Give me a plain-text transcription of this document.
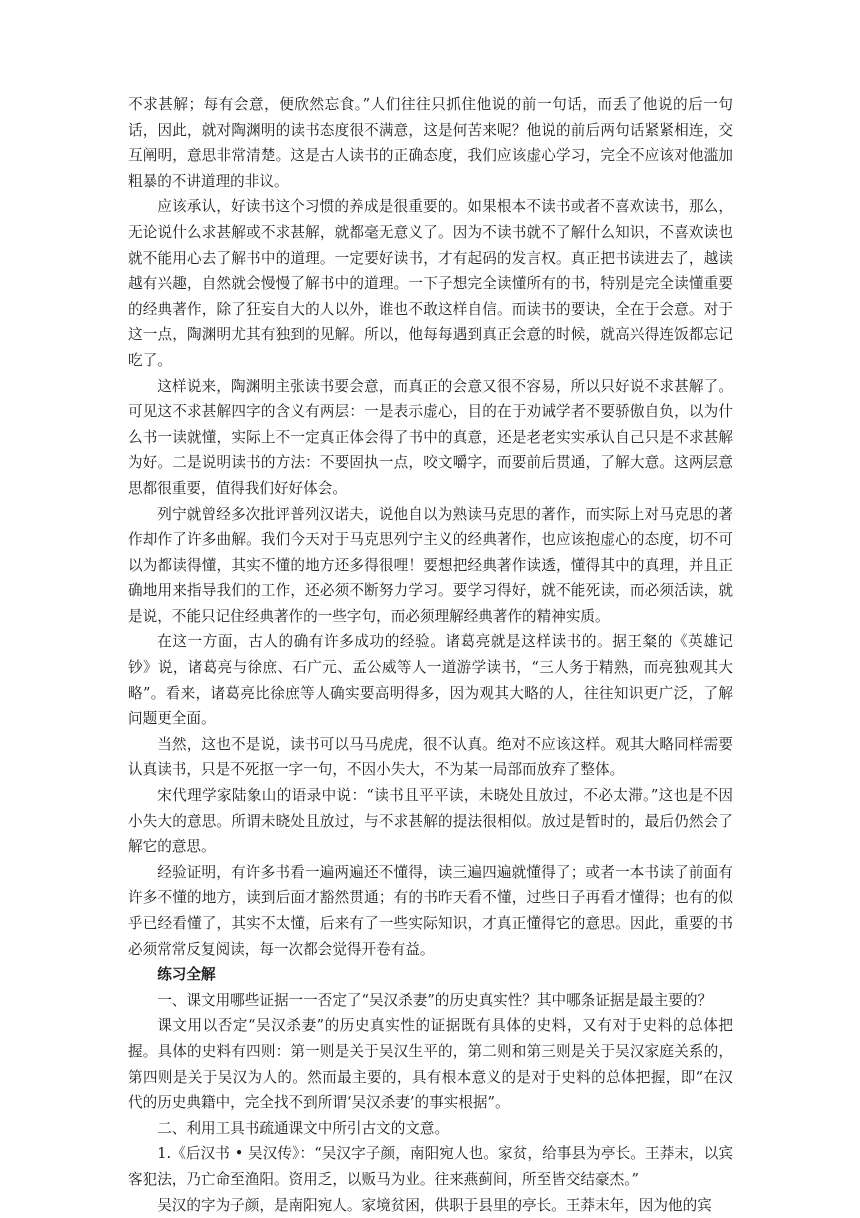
不求甚解；每有会意，便欣然忘食。”人们往往只抓住他说的前一句话，而丢了他说的后一句话，因此，就对陶渊明的读书态度很不满意，这是何苦来呢？他说的前后两句话紧紧相连，交互阐明，意思非常清楚。这是古人读书的正确态度，我们应该虚心学习，完全不应该对他滥加粗暴的不讲道理的非议。

应该承认，好读书这个习惯的养成是很重要的。如果根本不读书或者不喜欢读书，那么，无论说什么求甚解或不求甚解，就都毫无意义了。因为不读书就不了解什么知识，不喜欢读也就不能用心去了解书中的道理。一定要好读书，才有起码的发言权。真正把书读进去了，越读越有兴趣，自然就会慢慢了解书中的道理。一下子想完全读懂所有的书，特别是完全读懂重要的经典著作，除了狂妄自大的人以外，谁也不敢这样自信。而读书的要诀，全在于会意。对于这一点，陶渊明尤其有独到的见解。所以，他每每遇到真正会意的时候，就高兴得连饭都忘记吃了。

这样说来，陶渊明主张读书要会意，而真正的会意又很不容易，所以只好说不求甚解了。可见这不求甚解四字的含义有两层：一是表示虚心，目的在于劝诫学者不要骄傲自负，以为什么书一读就懂，实际上不一定真正体会得了书中的真意，还是老老实实承认自己只是不求甚解为好。二是说明读书的方法：不要固执一点，咬文嚼字，而要前后贯通，了解大意。这两层意思都很重要，值得我们好好体会。

列宁就曾经多次批评普列汉诺夫，说他自以为熟读马克思的著作，而实际上对马克思的著作却作了许多曲解。我们今天对于马克思列宁主义的经典著作，也应该抱虚心的态度，切不可以为都读得懂，其实不懂的地方还多得很哩！要想把经典著作读透，懂得其中的真理，并且正确地用来指导我们的工作，还必须不断努力学习。要学习得好，就不能死读，而必须活读，就是说，不能只记住经典著作的一些字句，而必须理解经典著作的精神实质。

在这一方面，古人的确有许多成功的经验。诸葛亮就是这样读书的。据王粲的《英雄记钞》说，诸葛亮与徐庶、石广元、孟公威等人一道游学读书，“三人务于精熟，而亮独观其大略”。看来，诸葛亮比徐庶等人确实要高明得多，因为观其大略的人，往往知识更广泛，了解问题更全面。

当然，这也不是说，读书可以马马虎虎，很不认真。绝对不应该这样。观其大略同样需要认真读书，只是不死抠一字一句，不因小失大，不为某一局部而放弃了整体。

宋代理学家陆象山的语录中说：“读书且平平读，未晓处且放过，不必太滞。”这也是不因小失大的意思。所谓未晓处且放过，与不求甚解的提法很相似。放过是暂时的，最后仍然会了解它的意思。

经验证明，有许多书看一遍两遍还不懂得，读三遍四遍就懂得了；或者一本书读了前面有许多不懂的地方，读到后面才豁然贯通；有的书昨天看不懂，过些日子再看才懂得；也有的似乎已经看懂了，其实不太懂，后来有了一些实际知识，才真正懂得它的意思。因此，重要的书必须常常反复阅读，每一次都会觉得开卷有益。

练习全解

一、课文用哪些证据一一否定了“吴汉杀妻”的历史真实性？其中哪条证据是最主要的？

课文用以否定“吴汉杀妻”的历史真实性的证据既有具体的史料，又有对于史料的总体把握。具体的史料有四则：第一则是关于吴汉生平的，第二则和第三则是关于吴汉家庭关系的，第四则是关于吴汉为人的。然而最主要的，具有根本意义的是对于史料的总体把握，即“在汉代的历史典籍中，完全找不到所谓‘吴汉杀妻’的事实根据”。

二、利用工具书疏通课文中所引古文的文意。

1.《后汉书 • 吴汉传》：“吴汉字子颜，南阳宛人也。家贫，给事县为亭长。王莽末，以宾客犯法，乃亡命至渔阳。资用乏，以贩马为业。往来燕蓟间，所至皆交结豪杰。”

吴汉的字为子颜，是南阳宛人。家境贫困，供职于县里的亭长。王莽末年，因为他的宾
